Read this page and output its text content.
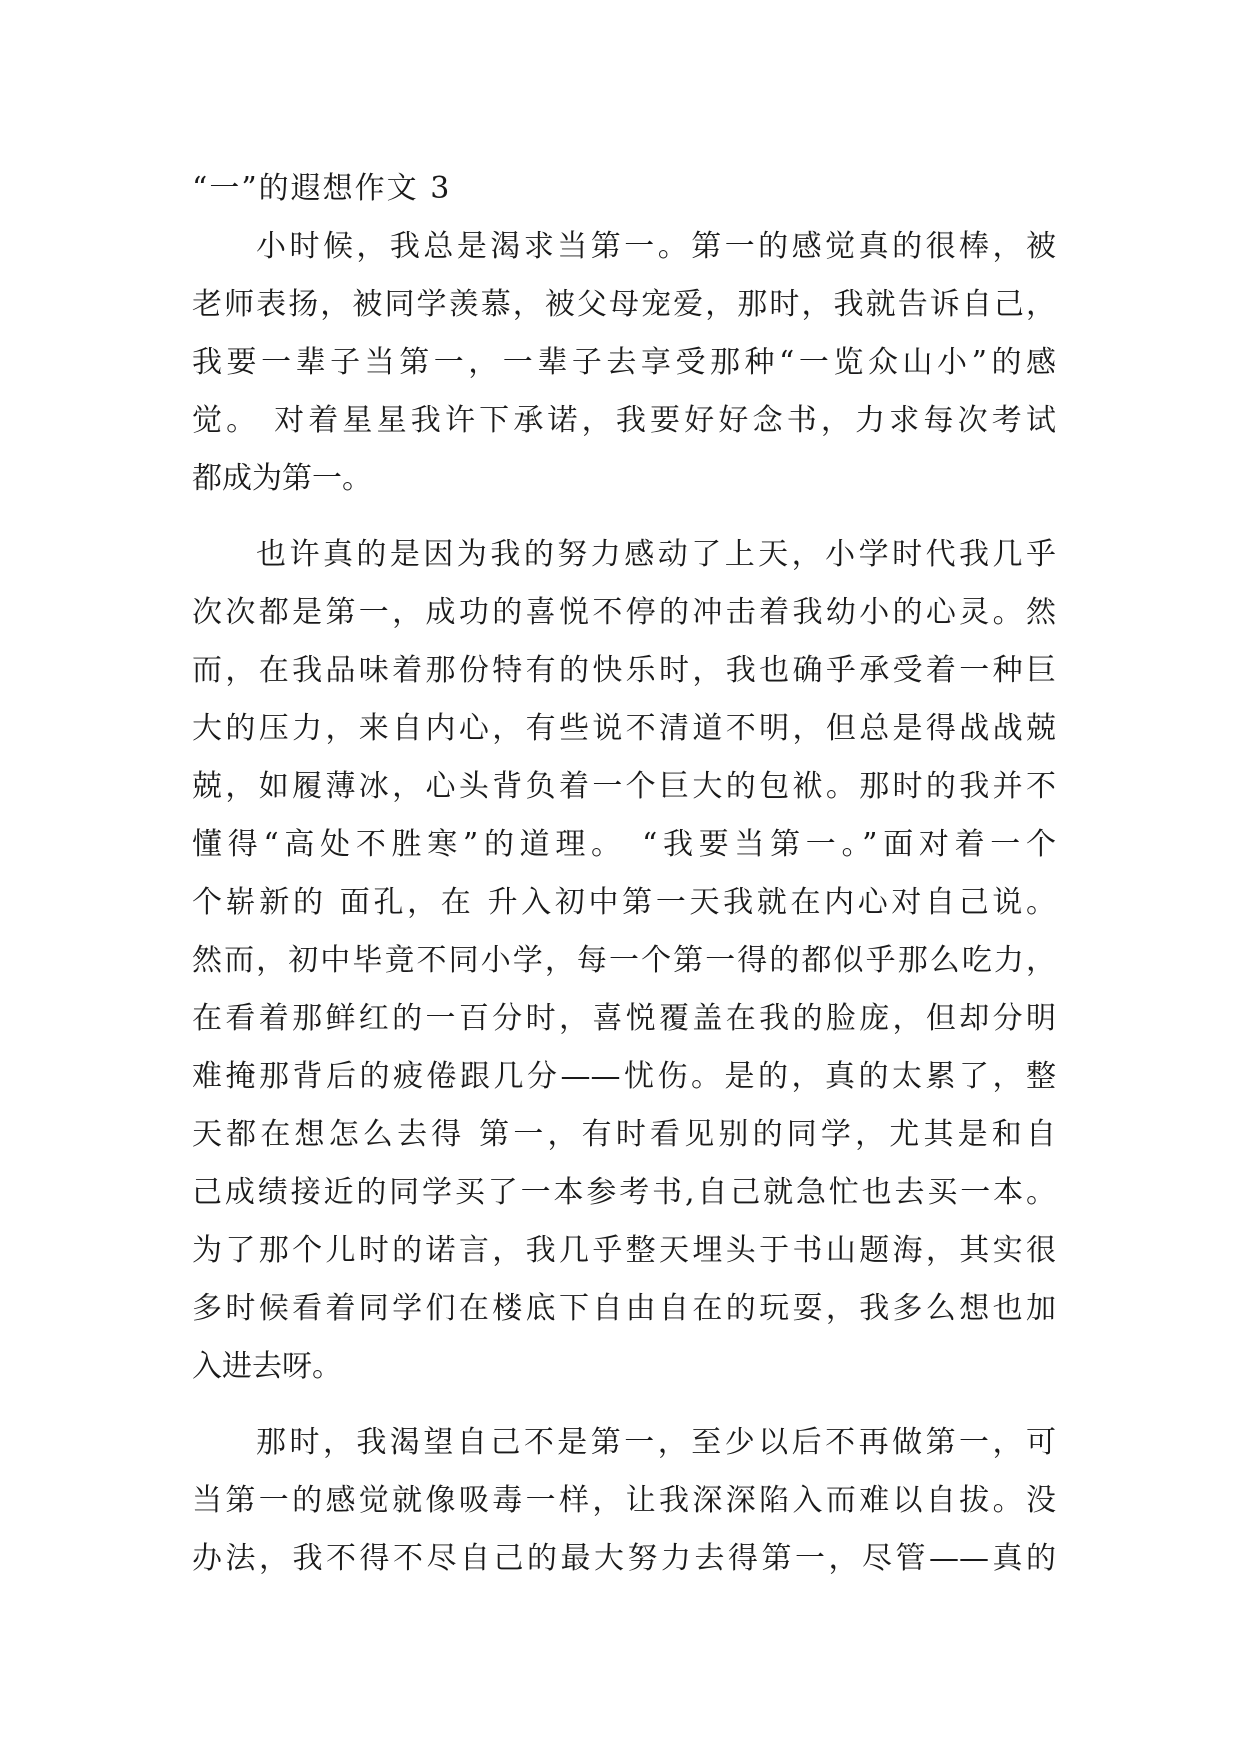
“一”的遐想作文 3
小时候，我总是渴求当第一。第一的感觉真的很棒，被
老师表扬，被同学羡慕，被父母宠爱，那时，我就告诉自己，
我要一辈子当第一，一辈子去享受那种“一览众山小”的感
觉。 对着星星我许下承诺，我要好好念书，力求每次考试
都成为第一。
也许真的是因为我的努力感动了上天，小学时代我几乎
次次都是第一，成功的喜悦不停的冲击着我幼小的心灵。然
而，在我品味着那份特有的快乐时，我也确乎承受着一种巨
大的压力，来自内心，有些说不清道不明，但总是得战战兢
兢，如履薄冰，心头背负着一个巨大的包袱。那时的我并不
懂得“高处不胜寒”的道理。 “我要当第一。”面对着一个
个崭新的 面孔，在 升入初中第一天我就在内心对自己说。
然而，初中毕竟不同小学，每一个第一得的都似乎那么吃力，
在看着那鲜红的一百分时，喜悦覆盖在我的脸庞，但却分明
难掩那背后的疲倦跟几分——忧伤。是的，真的太累了，整
天都在想怎么去得 第一，有时看见别的同学，尤其是和自
己成绩接近的同学买了一本参考书,自己就急忙也去买一本。
为了那个儿时的诺言，我几乎整天埋头于书山题海，其实很
多时候看着同学们在楼底下自由自在的玩耍，我多么想也加
入进去呀。
那时，我渴望自己不是第一，至少以后不再做第一，可
当第一的感觉就像吸毒一样，让我深深陷入而难以自拔。没
办法，我不得不尽自己的最大努力去得第一，尽管——真的
